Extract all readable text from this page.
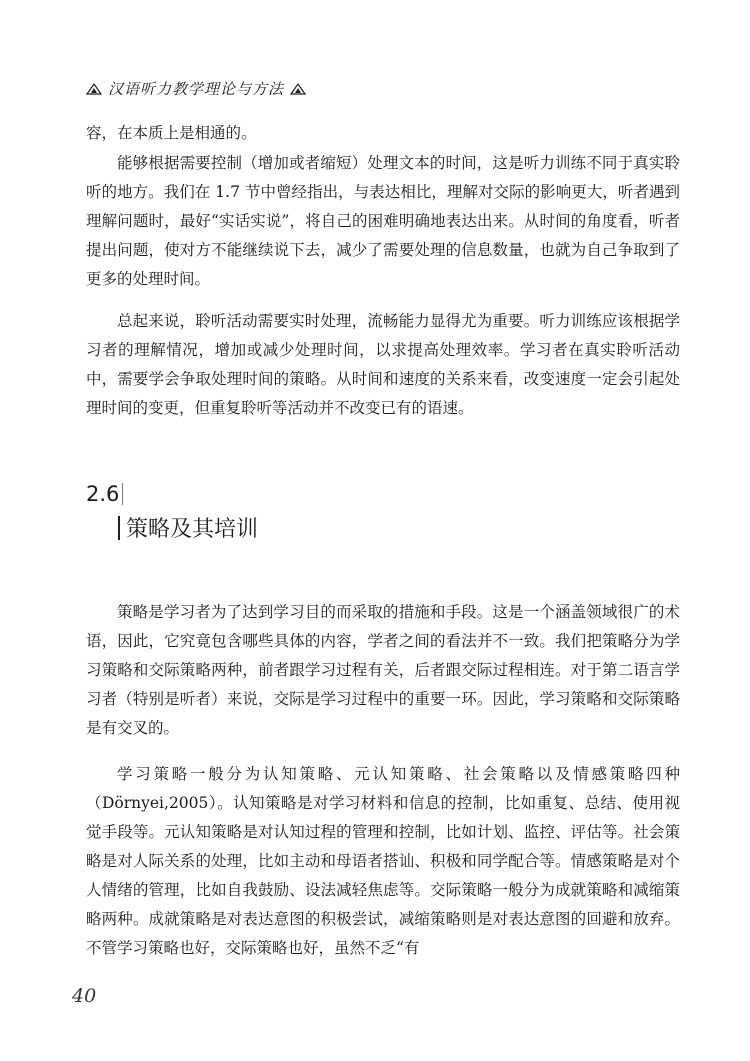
汉语听力教学理论与方法

容，在本质上是相通的。

能够根据需要控制（增加或者缩短）处理文本的时间，这是听力训练不同于真实聆听的地方。我们在 1.7 节中曾经指出，与表达相比，理解对交际的影响更大，听者遇到理解问题时，最好“实话实说”，将自己的困难明确地表达出来。从时间的角度看，听者提出问题，使对方不能继续说下去，减少了需要处理的信息数量，也就为自己争取到了更多的处理时间。

总起来说，聆听活动需要实时处理，流畅能力显得尤为重要。听力训练应该根据学习者的理解情况，增加或减少处理时间，以求提高处理效率。学习者在真实聆听活动中，需要学会争取处理时间的策略。从时间和速度的关系来看，改变速度一定会引起处理时间的变更，但重复聆听等活动并不改变已有的语速。

2.6
策略及其培训

策略是学习者为了达到学习目的而采取的措施和手段。这是一个涵盖领域很广的术语，因此，它究竟包含哪些具体的内容，学者之间的看法并不一致。我们把策略分为学习策略和交际策略两种，前者跟学习过程有关，后者跟交际过程相连。对于第二语言学习者（特别是听者）来说，交际是学习过程中的重要一环。因此，学习策略和交际策略是有交叉的。

学习策略一般分为认知策略、元认知策略、社会策略以及情感策略四种（Dörnyei,2005）。认知策略是对学习材料和信息的控制，比如重复、总结、使用视觉手段等。元认知策略是对认知过程的管理和控制，比如计划、监控、评估等。社会策略是对人际关系的处理，比如主动和母语者搭讪、积极和同学配合等。情感策略是对个人情绪的管理，比如自我鼓励、设法减轻焦虑等。交际策略一般分为成就策略和减缩策略两种。成就策略是对表达意图的积极尝试，减缩策略则是对表达意图的回避和放弃。不管学习策略也好，交际策略也好，虽然不乏“有

40
